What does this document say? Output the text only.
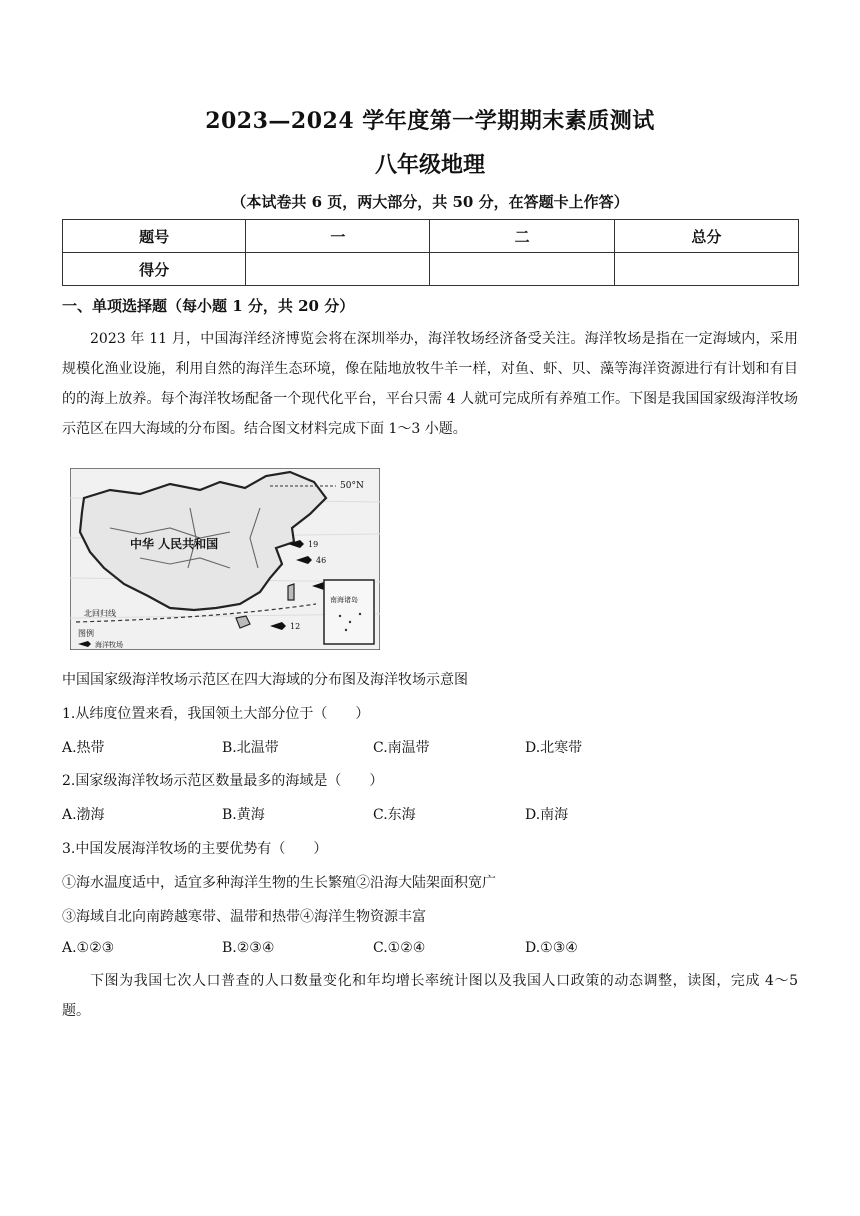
2023—2024 学年度第一学期期末素质测试
八年级地理
（本试卷共 6 页，两大部分，共 50 分，在答题卡上作答）
题号	一	二	总分
得分			
一、单项选择题（每小题 1 分，共 20 分）
2023 年 11 月，中国海洋经济博览会将在深圳举办，海洋牧场经济备受关注。海洋牧场是指在一定海域内，采用规模化渔业设施，利用自然的海洋生态环境，像在陆地放牧牛羊一样，对鱼、虾、贝、藻等海洋资源进行有计划和有目的的海上放养。每个海洋牧场配备一个现代化平台，平台只需 4 人就可完成所有养殖工作。下图是我国国家级海洋牧场示范区在四大海域的分布图。结合图文材料完成下面 1～3 小题。
50°N
中华 人民共和国
北回归线
19
46
12
南海诸岛
图例
海洋牧场
中国国家级海洋牧场示范区在四大海域的分布图及海洋牧场示意图
1.从纬度位置来看，我国领土大部分位于（　　）
A.热带	B.北温带	C.南温带	D.北寒带
2.国家级海洋牧场示范区数量最多的海域是（　　）
A.渤海	B.黄海	C.东海	D.南海
3.中国发展海洋牧场的主要优势有（　　）
①海水温度适中，适宜多种海洋生物的生长繁殖②沿海大陆架面积宽广
③海域自北向南跨越寒带、温带和热带④海洋生物资源丰富
A.①②③	B.②③④	C.①②④	D.①③④
下图为我国七次人口普查的人口数量变化和年均增长率统计图以及我国人口政策的动态调整，读图，完成 4～5 题。
